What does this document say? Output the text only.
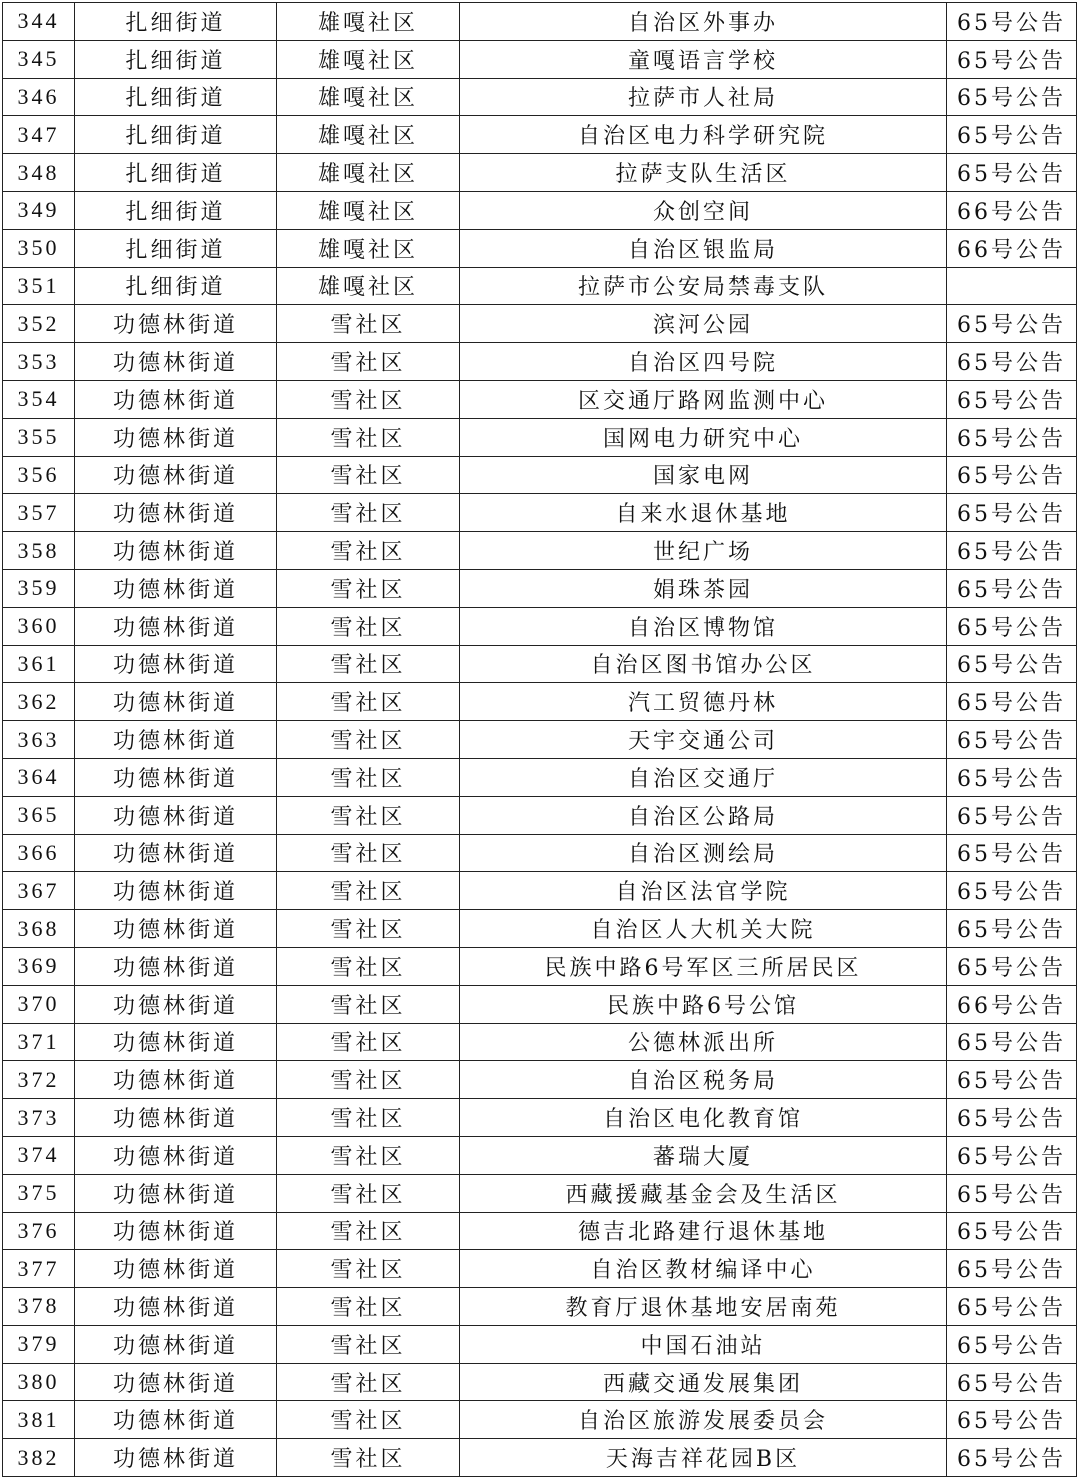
344	扎细街道	雄嘎社区	自治区外事办	65号公告
345	扎细街道	雄嘎社区	童嘎语言学校	65号公告
346	扎细街道	雄嘎社区	拉萨市人社局	65号公告
347	扎细街道	雄嘎社区	自治区电力科学研究院	65号公告
348	扎细街道	雄嘎社区	拉萨支队生活区	65号公告
349	扎细街道	雄嘎社区	众创空间	66号公告
350	扎细街道	雄嘎社区	自治区银监局	66号公告
351	扎细街道	雄嘎社区	拉萨市公安局禁毒支队	
352	功德林街道	雪社区	滨河公园	65号公告
353	功德林街道	雪社区	自治区四号院	65号公告
354	功德林街道	雪社区	区交通厅路网监测中心	65号公告
355	功德林街道	雪社区	国网电力研究中心	65号公告
356	功德林街道	雪社区	国家电网	65号公告
357	功德林街道	雪社区	自来水退休基地	65号公告
358	功德林街道	雪社区	世纪广场	65号公告
359	功德林街道	雪社区	娟珠茶园	65号公告
360	功德林街道	雪社区	自治区博物馆	65号公告
361	功德林街道	雪社区	自治区图书馆办公区	65号公告
362	功德林街道	雪社区	汽工贸德丹林	65号公告
363	功德林街道	雪社区	天宇交通公司	65号公告
364	功德林街道	雪社区	自治区交通厅	65号公告
365	功德林街道	雪社区	自治区公路局	65号公告
366	功德林街道	雪社区	自治区测绘局	65号公告
367	功德林街道	雪社区	自治区法官学院	65号公告
368	功德林街道	雪社区	自治区人大机关大院	65号公告
369	功德林街道	雪社区	民族中路6号军区三所居民区	65号公告
370	功德林街道	雪社区	民族中路6号公馆	66号公告
371	功德林街道	雪社区	公德林派出所	65号公告
372	功德林街道	雪社区	自治区税务局	65号公告
373	功德林街道	雪社区	自治区电化教育馆	65号公告
374	功德林街道	雪社区	蕃瑞大厦	65号公告
375	功德林街道	雪社区	西藏援藏基金会及生活区	65号公告
376	功德林街道	雪社区	德吉北路建行退休基地	65号公告
377	功德林街道	雪社区	自治区教材编译中心	65号公告
378	功德林街道	雪社区	教育厅退休基地安居南苑	65号公告
379	功德林街道	雪社区	中国石油站	65号公告
380	功德林街道	雪社区	西藏交通发展集团	65号公告
381	功德林街道	雪社区	自治区旅游发展委员会	65号公告
382	功德林街道	雪社区	天海吉祥花园B区	65号公告
